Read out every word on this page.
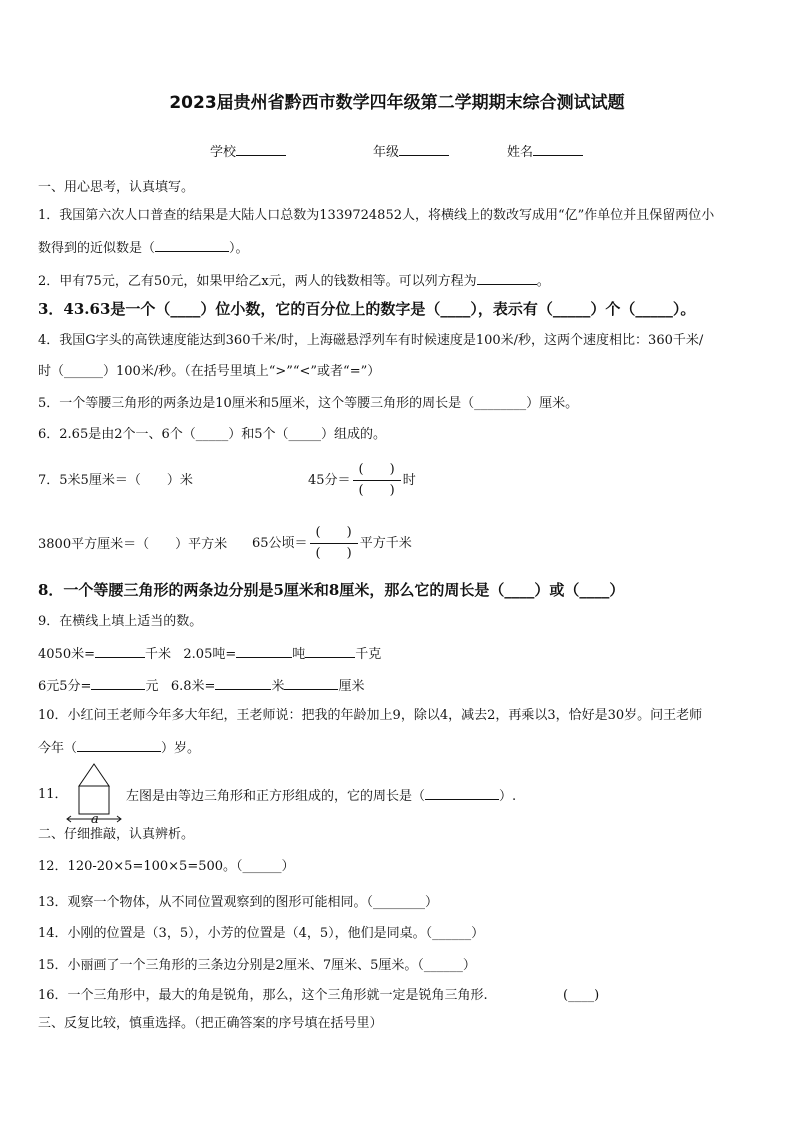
2023届贵州省黔西市数学四年级第二学期期末综合测试试题
学校	年级	姓名
一、用心思考，认真填写。
1．我国第六次人口普查的结果是大陆人口总数为1339724852人，将横线上的数改写成用“亿”作单位并且保留两位小
数得到的近似数是（	）。
2．甲有75元，乙有50元，如果甲给乙x元，两人的钱数相等。可以列方程为	。
3．43.63是一个（____）位小数，它的百分位上的数字是（____），表示有（_____）个（_____）。
4．我国G字头的高铁速度能达到360千米/时，上海磁悬浮列车有时候速度是100米/秒，这两个速度相比：360千米/
时（______）100米/秒。（在括号里填上“>”“<”或者“=”）
5．一个等腰三角形的两条边是10厘米和5厘米，这个等腰三角形的周长是（________）厘米。
6．2.65是由2个一、6个（_____）和5个（_____）组成的。
7．5米5厘米＝（　　）米	45分＝ $\frac{( )}{( )}$ 时
3800平方厘米＝（　　）平方米 65公顷＝ $\frac{( )}{( )}$ 平方千米
8．一个等腰三角形的两条边分别是5厘米和8厘米，那么它的周长是（____）或（____）
9．在横线上填上适当的数。
4050米=	千米 2.05吨=	吨	千克
6元5分=	元 6.8米=	米	厘米
10．小红问王老师今年多大年纪，王老师说：把我的年龄加上9，除以4，减去2，再乘以3，恰好是30岁。问王老师
今年（	）岁。
11．
a
左图是由等边三角形和正方形组成的，它的周长是（	）.
二、仔细推敲，认真辨析。
12．120-20×5=100×5=500。（______）
13．观察一个物体，从不同位置观察到的图形可能相同。（________）
14．小刚的位置是（3，5），小芳的位置是（4，5），他们是同桌。（______）
15．小丽画了一个三角形的三条边分别是2厘米、7厘米、5厘米。（______）
16．一个三角形中，最大的角是锐角，那么，这个三角形就一定是锐角三角形.	(____)
三、反复比较，慎重选择。（把正确答案的序号填在括号里）
